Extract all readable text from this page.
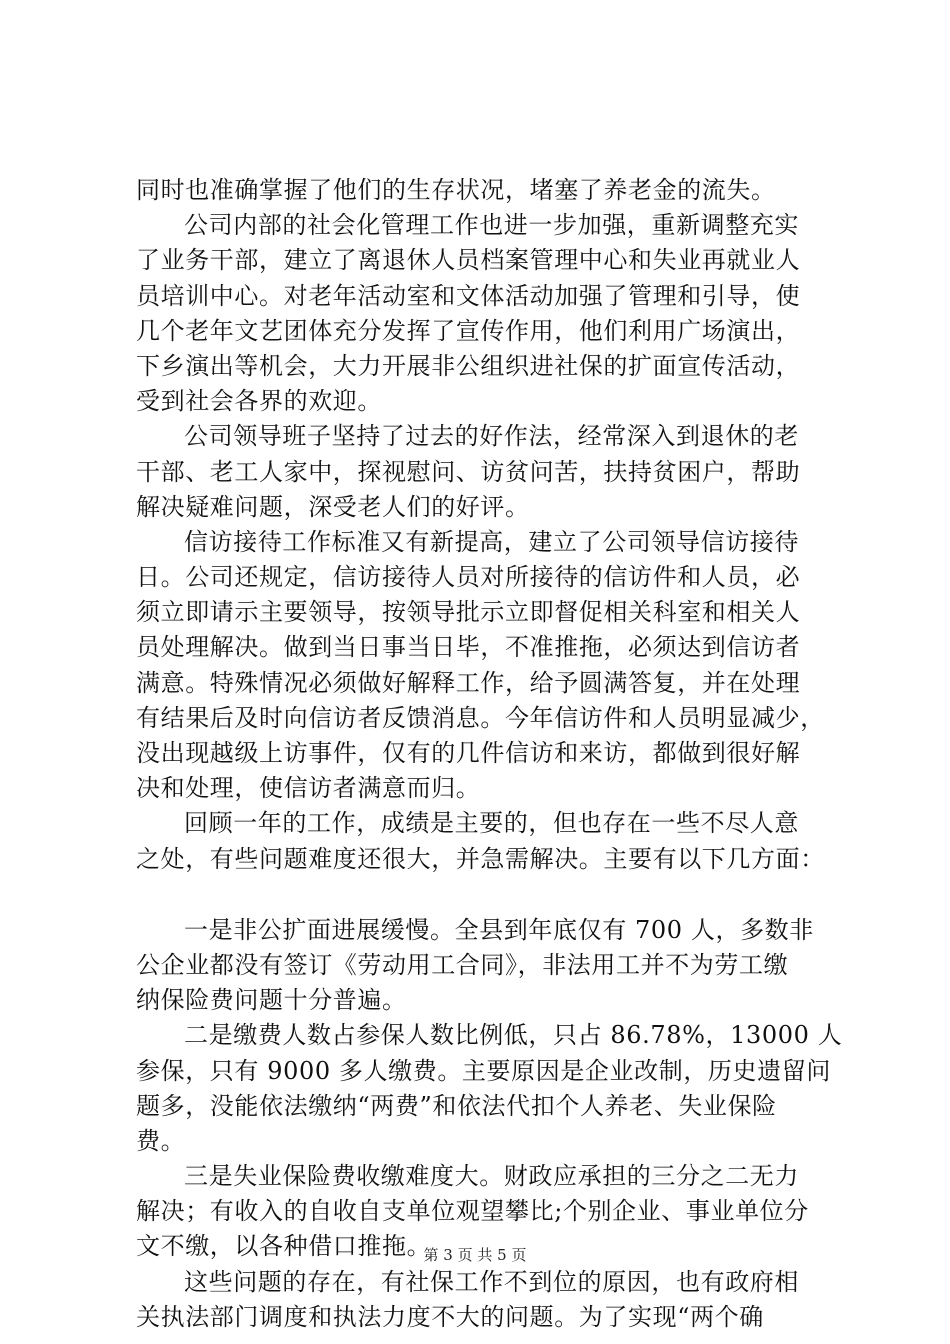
同时也准确掌握了他们的生存状况，堵塞了养老金的流失。
公司内部的社会化管理工作也进一步加强，重新调整充实
了业务干部，建立了离退休人员档案管理中心和失业再就业人
员培训中心。对老年活动室和文体活动加强了管理和引导，使
几个老年文艺团体充分发挥了宣传作用，他们利用广场演出，
下乡演出等机会，大力开展非公组织进社保的扩面宣传活动，
受到社会各界的欢迎。
公司领导班子坚持了过去的好作法，经常深入到退休的老
干部、老工人家中，探视慰问、访贫问苦，扶持贫困户，帮助
解决疑难问题，深受老人们的好评。
信访接待工作标准又有新提高，建立了公司领导信访接待
日。公司还规定，信访接待人员对所接待的信访件和人员，必
须立即请示主要领导，按领导批示立即督促相关科室和相关人
员处理解决。做到当日事当日毕，不准推拖，必须达到信访者
满意。特殊情况必须做好解释工作，给予圆满答复，并在处理
有结果后及时向信访者反馈消息。今年信访件和人员明显减少，
没出现越级上访事件，仅有的几件信访和来访，都做到很好解
决和处理，使信访者满意而归。
回顾一年的工作，成绩是主要的，但也存在一些不尽人意
之处，有些问题难度还很大，并急需解决。主要有以下几方面：
一是非公扩面进展缓慢。全县到年底仅有 700 人，多数非
公企业都没有签订《劳动用工合同》，非法用工并不为劳工缴
纳保险费问题十分普遍。
二是缴费人数占参保人数比例低，只占 86.78%，13000 人
参保，只有 9000 多人缴费。主要原因是企业改制，历史遗留问
题多，没能依法缴纳“两费”和依法代扣个人养老、失业保险
费。
三是失业保险费收缴难度大。财政应承担的三分之二无力
解决；有收入的自收自支单位观望攀比;个别企业、事业单位分
文不缴，以各种借口推拖。
这些问题的存在，有社保工作不到位的原因，也有政府相
关执法部门调度和执法力度不大的问题。为了实现“两个确
第 3 页 共 5 页
